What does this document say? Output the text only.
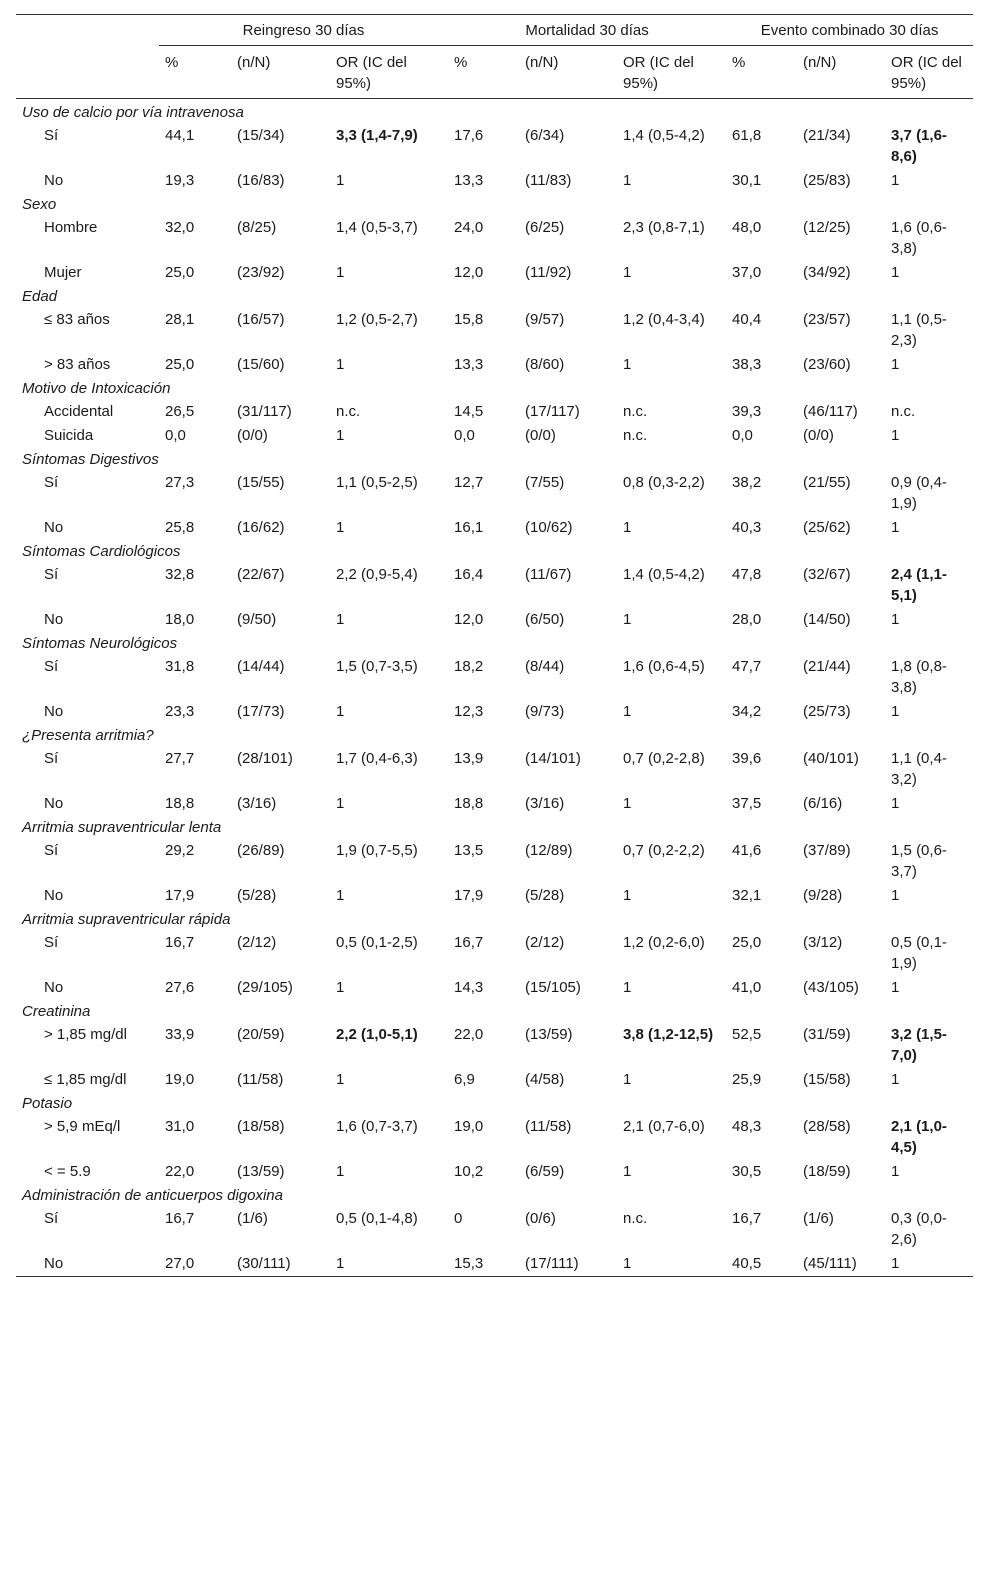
	Reingreso 30 días			Mortalidad 30 días			Evento combinado 30 días		
	%	(n/N)	OR (IC del 95%)	%	(n/N)	OR (IC del 95%)	%	(n/N)	OR (IC del 95%)
Uso de calcio por vía intravenosa									
Sí	44,1	(15/34)	3,3 (1,4-7,9)	17,6	(6/34)	1,4 (0,5-4,2)	61,8	(21/34)	3,7 (1,6-8,6)
No	19,3	(16/83)	1	13,3	(11/83)	1	30,1	(25/83)	1
Sexo									
Hombre	32,0	(8/25)	1,4 (0,5-3,7)	24,0	(6/25)	2,3 (0,8-7,1)	48,0	(12/25)	1,6 (0,6-3,8)
Mujer	25,0	(23/92)	1	12,0	(11/92)	1	37,0	(34/92)	1
Edad									
≤ 83 años	28,1	(16/57)	1,2 (0,5-2,7)	15,8	(9/57)	1,2 (0,4-3,4)	40,4	(23/57)	1,1 (0,5-2,3)
> 83 años	25,0	(15/60)	1	13,3	(8/60)	1	38,3	(23/60)	1
Motivo de Intoxicación									
Accidental	26,5	(31/117)	n.c.	14,5	(17/117)	n.c.	39,3	(46/117)	n.c.
Suicida	0,0	(0/0)	1	0,0	(0/0)	n.c.	0,0	(0/0)	1
Síntomas Digestivos									
Sí	27,3	(15/55)	1,1 (0,5-2,5)	12,7	(7/55)	0,8 (0,3-2,2)	38,2	(21/55)	0,9 (0,4-1,9)
No	25,8	(16/62)	1	16,1	(10/62)	1	40,3	(25/62)	1
Síntomas Cardiológicos									
Sí	32,8	(22/67)	2,2 (0,9-5,4)	16,4	(11/67)	1,4 (0,5-4,2)	47,8	(32/67)	2,4 (1,1-5,1)
No	18,0	(9/50)	1	12,0	(6/50)	1	28,0	(14/50)	1
Síntomas Neurológicos									
Sí	31,8	(14/44)	1,5 (0,7-3,5)	18,2	(8/44)	1,6 (0,6-4,5)	47,7	(21/44)	1,8 (0,8-3,8)
No	23,3	(17/73)	1	12,3	(9/73)	1	34,2	(25/73)	1
¿Presenta arritmia?									
Sí	27,7	(28/101)	1,7 (0,4-6,3)	13,9	(14/101)	0,7 (0,2-2,8)	39,6	(40/101)	1,1 (0,4-3,2)
No	18,8	(3/16)	1	18,8	(3/16)	1	37,5	(6/16)	1
Arritmia supraventricular lenta									
Sí	29,2	(26/89)	1,9 (0,7-5,5)	13,5	(12/89)	0,7 (0,2-2,2)	41,6	(37/89)	1,5 (0,6-3,7)
No	17,9	(5/28)	1	17,9	(5/28)	1	32,1	(9/28)	1
Arritmia supraventricular rápida									
Sí	16,7	(2/12)	0,5 (0,1-2,5)	16,7	(2/12)	1,2 (0,2-6,0)	25,0	(3/12)	0,5 (0,1-1,9)
No	27,6	(29/105)	1	14,3	(15/105)	1	41,0	(43/105)	1
Creatinina									
> 1,85 mg/dl	33,9	(20/59)	2,2 (1,0-5,1)	22,0	(13/59)	3,8 (1,2-12,5)	52,5	(31/59)	3,2 (1,5-7,0)
≤ 1,85 mg/dl	19,0	(11/58)	1	6,9	(4/58)	1	25,9	(15/58)	1
Potasio									
> 5,9 mEq/l	31,0	(18/58)	1,6 (0,7-3,7)	19,0	(11/58)	2,1 (0,7-6,0)	48,3	(28/58)	2,1 (1,0-4,5)
< = 5.9	22,0	(13/59)	1	10,2	(6/59)	1	30,5	(18/59)	1
Administración de anticuerpos digoxina									
Sí	16,7	(1/6)	0,5 (0,1-4,8)	0	(0/6)	n.c.	16,7	(1/6)	0,3 (0,0-2,6)
No	27,0	(30/111)	1	15,3	(17/111)	1	40,5	(45/111)	1
